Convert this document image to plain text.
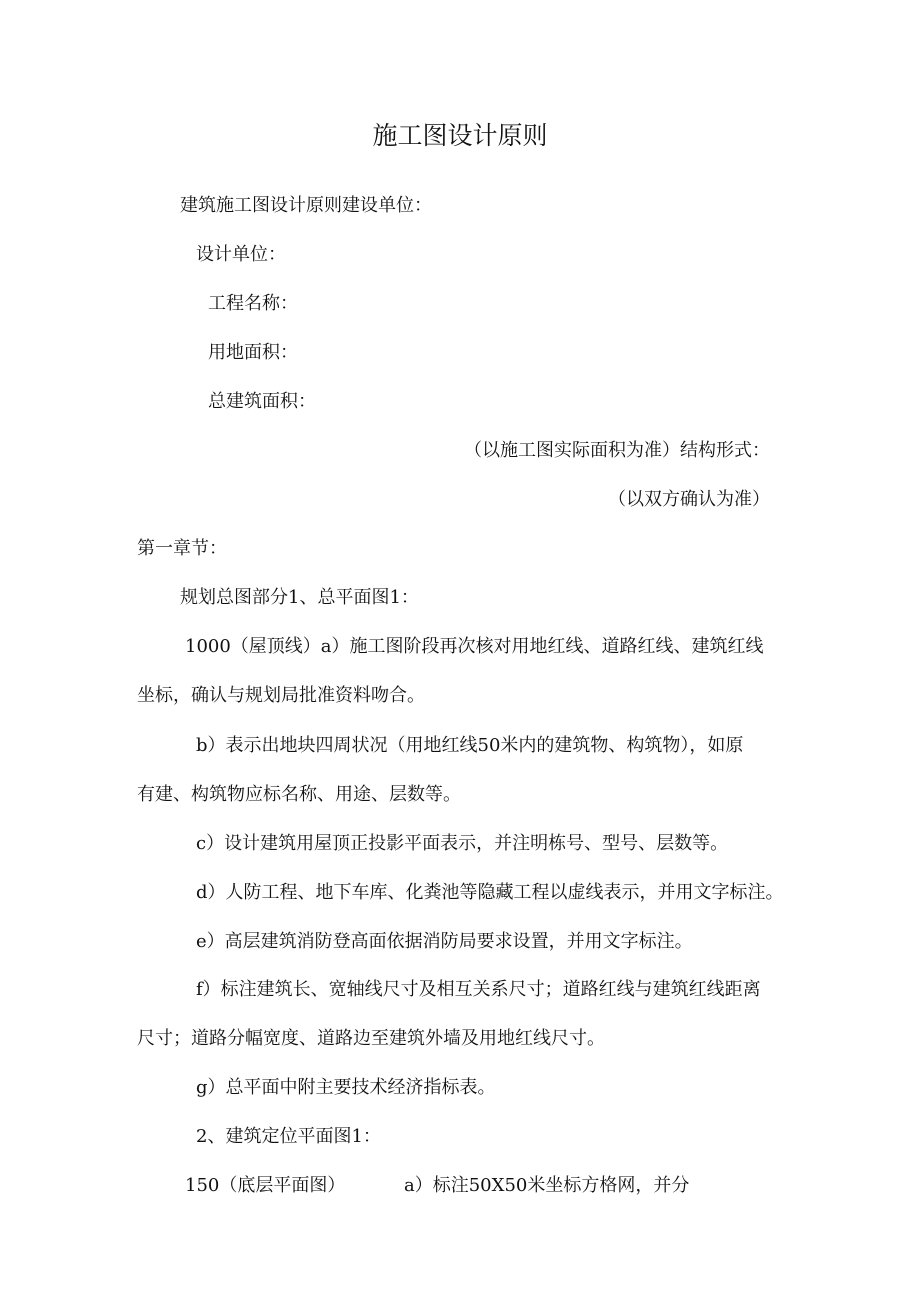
施工图设计原则
建筑施工图设计原则建设单位：
设计单位：
工程名称：
用地面积：
总建筑面积：
（以施工图实际面积为准）结构形式：
（以双方确认为准）
第一章节：
规划总图部分1、总平面图1：
1000（屋顶线）a）施工图阶段再次核对用地红线、道路红线、建筑红线
坐标，确认与规划局批准资料吻合。
b）表示出地块四周状况（用地红线50米内的建筑物、构筑物），如原
有建、构筑物应标名称、用途、层数等。
c）设计建筑用屋顶正投影平面表示，并注明栋号、型号、层数等。
d）人防工程、地下车库、化粪池等隐藏工程以虚线表示，并用文字标注。
e）高层建筑消防登高面依据消防局要求设置，并用文字标注。
f）标注建筑长、宽轴线尺寸及相互关系尺寸；道路红线与建筑红线距离
尺寸；道路分幅宽度、道路边至建筑外墙及用地红线尺寸。
g）总平面中附主要技术经济指标表。
2、建筑定位平面图1：
150（底层平面图）	a）标注50X50米坐标方格网，并分
